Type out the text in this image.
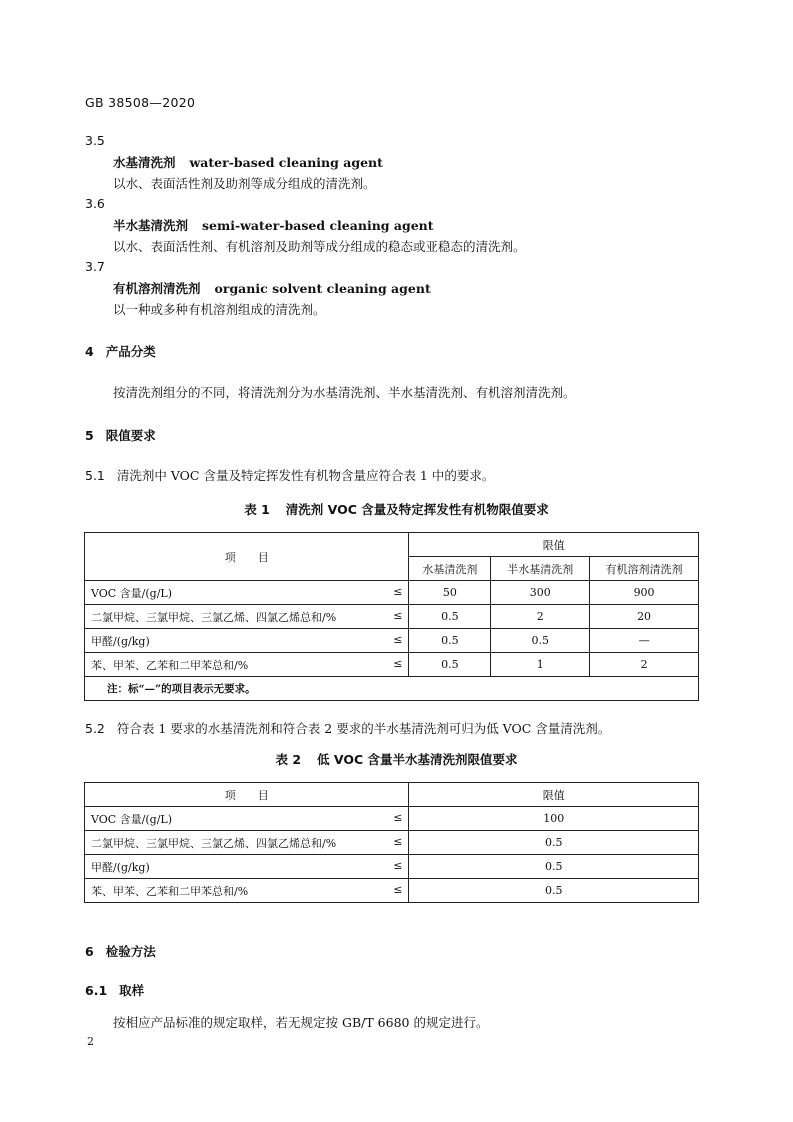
GB 38508—2020
3.5
水基清洗剂 water-based cleaning agent
以水、表面活性剂及助剂等成分组成的清洗剂。
3.6
半水基清洗剂 semi-water-based cleaning agent
以水、表面活性剂、有机溶剂及助剂等成分组成的稳态或亚稳态的清洗剂。
3.7
有机溶剂清洗剂 organic solvent cleaning agent
以一种或多种有机溶剂组成的清洗剂。
4 产品分类
按清洗剂组分的不同，将清洗剂分为水基清洗剂、半水基清洗剂、有机溶剂清洗剂。
5 限值要求
5.1 清洗剂中 VOC 含量及特定挥发性有机物含量应符合表 1 中的要求。
表 1 清洗剂 VOC 含量及特定挥发性有机物限值要求
项　　目	限值		
	水基清洗剂	半水基清洗剂	有机溶剂清洗剂
VOC 含量/(g/L) ≤	50	300	900
二氯甲烷、三氯甲烷、三氯乙烯、四氯乙烯总和/% ≤	0.5	2	20
甲醛/(g/kg) ≤	0.5	0.5	—
苯、甲苯、乙苯和二甲苯总和/% ≤	0.5	1	2
注：标“—”的项目表示无要求。			
5.2 符合表 1 要求的水基清洗剂和符合表 2 要求的半水基清洗剂可归为低 VOC 含量清洗剂。
表 2 低 VOC 含量半水基清洗剂限值要求
项　　目	限值
VOC 含量/(g/L) ≤	100
二氯甲烷、三氯甲烷、三氯乙烯、四氯乙烯总和/% ≤	0.5
甲醛/(g/kg) ≤	0.5
苯、甲苯、乙苯和二甲苯总和/% ≤	0.5
6 检验方法
6.1 取样
按相应产品标准的规定取样，若无规定按 GB/T 6680 的规定进行。
2
